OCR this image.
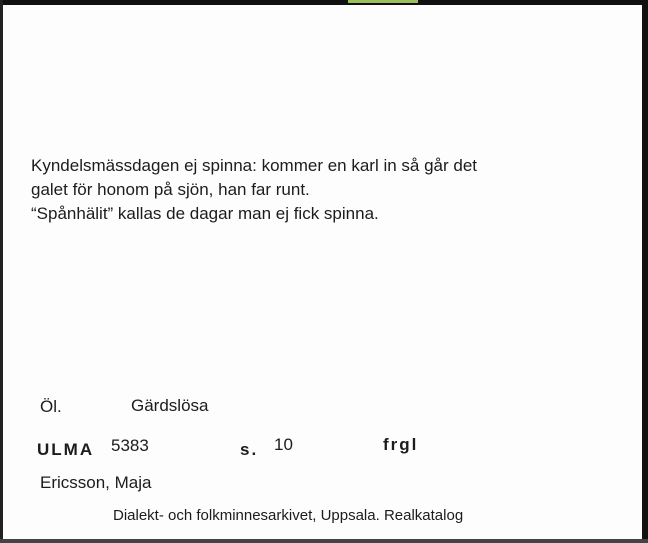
Kyndelsmässdagen ej spinna: kommer en karl in så går det
galet för honom på sjön, han far runt.
“Spånhälit” kallas de dagar man ej fick spinna.
Öl.	Gärdslösa
ULMA 5383	s. 10	frgl
Ericsson, Maja
Dialekt- och folkminnesarkivet, Uppsala. Realkatalog
